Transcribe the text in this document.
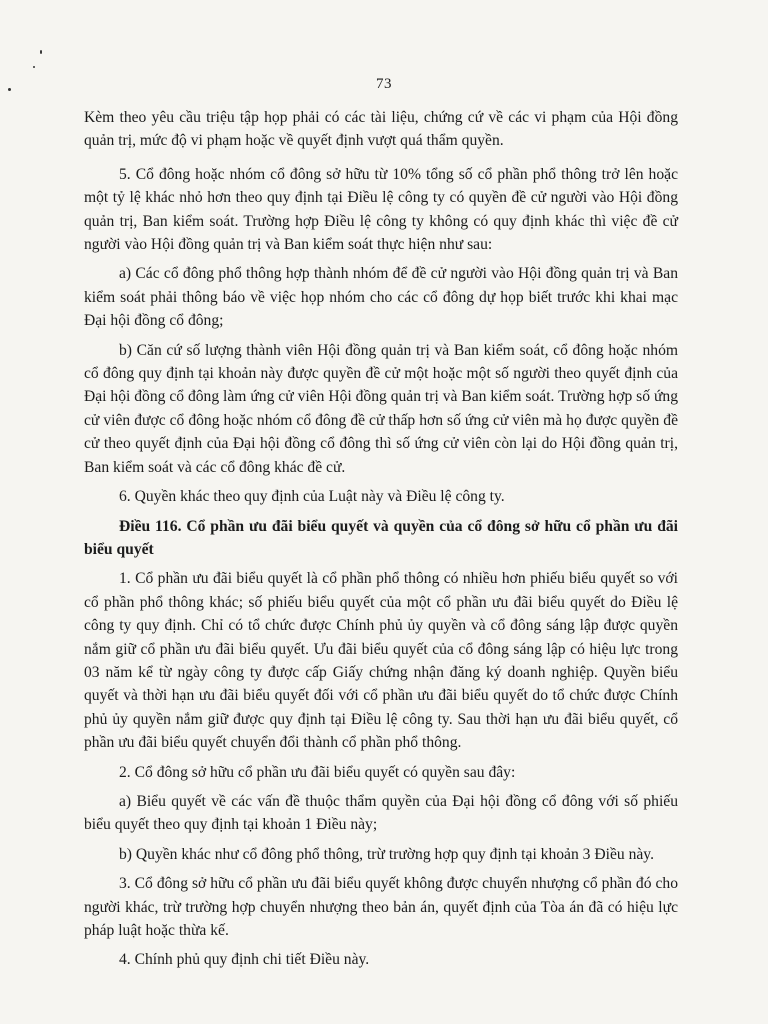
73

Kèm theo yêu cầu triệu tập họp phải có các tài liệu, chứng cứ về các vi phạm của Hội đồng quản trị, mức độ vi phạm hoặc về quyết định vượt quá thẩm quyền.

5. Cổ đông hoặc nhóm cổ đông sở hữu từ 10% tổng số cổ phần phổ thông trở lên hoặc một tỷ lệ khác nhỏ hơn theo quy định tại Điều lệ công ty có quyền đề cử người vào Hội đồng quản trị, Ban kiểm soát. Trường hợp Điều lệ công ty không có quy định khác thì việc đề cử người vào Hội đồng quản trị và Ban kiểm soát thực hiện như sau:

a) Các cổ đông phổ thông hợp thành nhóm để đề cử người vào Hội đồng quản trị và Ban kiểm soát phải thông báo về việc họp nhóm cho các cổ đông dự họp biết trước khi khai mạc Đại hội đồng cổ đông;

b) Căn cứ số lượng thành viên Hội đồng quản trị và Ban kiểm soát, cổ đông hoặc nhóm cổ đông quy định tại khoản này được quyền đề cử một hoặc một số người theo quyết định của Đại hội đồng cổ đông làm ứng cử viên Hội đồng quản trị và Ban kiểm soát. Trường hợp số ứng cử viên được cổ đông hoặc nhóm cổ đông đề cử thấp hơn số ứng cử viên mà họ được quyền đề cử theo quyết định của Đại hội đồng cổ đông thì số ứng cử viên còn lại do Hội đồng quản trị, Ban kiểm soát và các cổ đông khác đề cử.

6. Quyền khác theo quy định của Luật này và Điều lệ công ty.

Điều 116. Cổ phần ưu đãi biểu quyết và quyền của cổ đông sở hữu cổ phần ưu đãi biểu quyết

1. Cổ phần ưu đãi biểu quyết là cổ phần phổ thông có nhiều hơn phiếu biểu quyết so với cổ phần phổ thông khác; số phiếu biểu quyết của một cổ phần ưu đãi biểu quyết do Điều lệ công ty quy định. Chỉ có tổ chức được Chính phủ ủy quyền và cổ đông sáng lập được quyền nắm giữ cổ phần ưu đãi biểu quyết. Ưu đãi biểu quyết của cổ đông sáng lập có hiệu lực trong 03 năm kể từ ngày công ty được cấp Giấy chứng nhận đăng ký doanh nghiệp. Quyền biểu quyết và thời hạn ưu đãi biểu quyết đối với cổ phần ưu đãi biểu quyết do tổ chức được Chính phủ ủy quyền nắm giữ được quy định tại Điều lệ công ty. Sau thời hạn ưu đãi biểu quyết, cổ phần ưu đãi biểu quyết chuyển đổi thành cổ phần phổ thông.

2. Cổ đông sở hữu cổ phần ưu đãi biểu quyết có quyền sau đây:

a) Biểu quyết về các vấn đề thuộc thẩm quyền của Đại hội đồng cổ đông với số phiếu biểu quyết theo quy định tại khoản 1 Điều này;

b) Quyền khác như cổ đông phổ thông, trừ trường hợp quy định tại khoản 3 Điều này.

3. Cổ đông sở hữu cổ phần ưu đãi biểu quyết không được chuyển nhượng cổ phần đó cho người khác, trừ trường hợp chuyển nhượng theo bản án, quyết định của Tòa án đã có hiệu lực pháp luật hoặc thừa kế.

4. Chính phủ quy định chi tiết Điều này.
